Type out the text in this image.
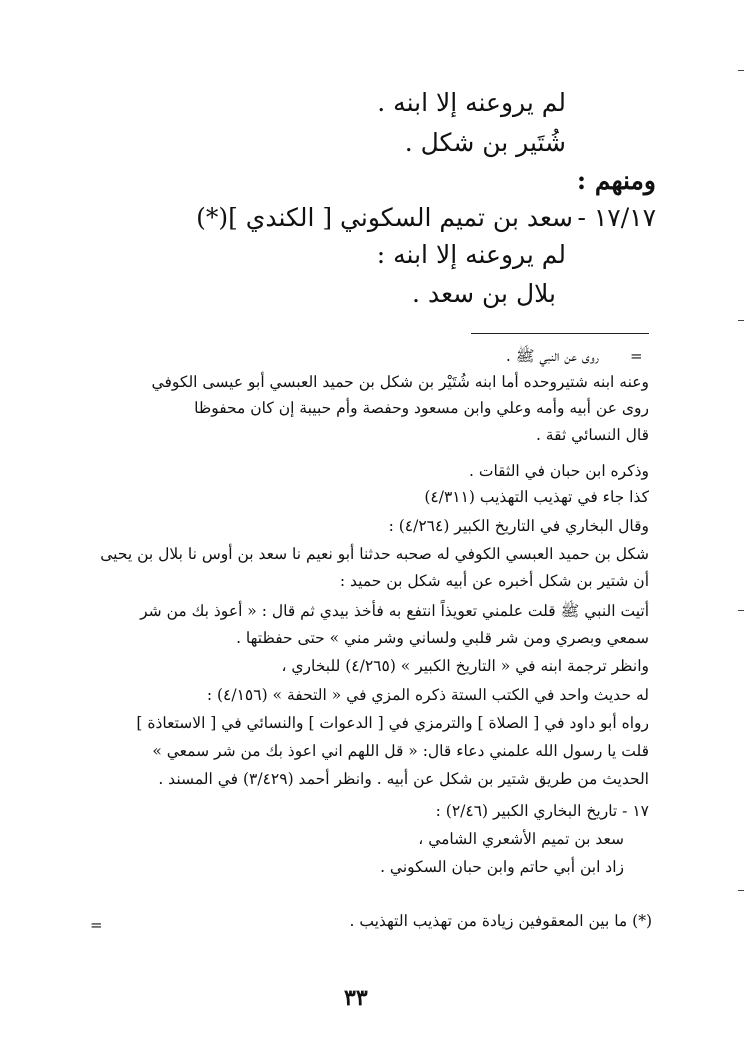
لم يروعنه إلا ابنه .
شُتَير بن شكل .
ومنهم :
١٧/١٧ -
سعد بن تميم السكوني [ الكندي ](*)
لم يروعنه إلا ابنه :
بلال بن سعد .
=
روى عن النبي ﷺ .
وعنه ابنه شتيروحده أما ابنه شُتَيْر بن شكل بن حميد العبسي أبو عيسى الكوفي
روى عن أبيه وأمه وعلي وابن مسعود وحفصة وأم حبيبة إن كان محفوظا
قال النسائي ثقة .
وذكره ابن حبان في الثقات .
كذا جاء في تهذيب التهذيب (٤/٣١١)
وقال البخاري في التاريخ الكبير (٤/٢٦٤) :
شكل بن حميد العبسي الكوفي له صحبه حدثنا أبو نعيم نا سعد بن أوس نا بلال بن يحيى
أن شتير بن شكل أخبره عن أبيه شكل بن حميد :
أتيت النبي ﷺ قلت علمني تعويذاً انتفع به فأخذ بيدي ثم قال : « أعوذ بك من شر
سمعي وبصري ومن شر قلبي ولساني وشر مني » حتى حفظتها .
وانظر ترجمة ابنه في « التاريخ الكبير » (٤/٢٦٥) للبخاري ،
له حديث واحد في الكتب الستة ذكره المزي في « التحفة » (٤/١٥٦) :
رواه أبو داود في [ الصلاة ] والترمزي في [ الدعوات ] والنسائي في [ الاستعاذة ]
قلت يا رسول الله علمني دعاء قال: « قل اللهم اني اعوذ بك من شر سمعي »
الحديث من طريق شتير بن شكل عن أبيه . وانظر أحمد (٣/٤٢٩) في المسند .
١٧ - تاريخ البخاري الكبير (٢/٤٦) :
سعد بن تميم الأشعري الشامي ،
زاد ابن أبي حاتم وابن حبان السكوني .
(*) ما بين المعقوفين زيادة من تهذيب التهذيب .
=
٣٣
